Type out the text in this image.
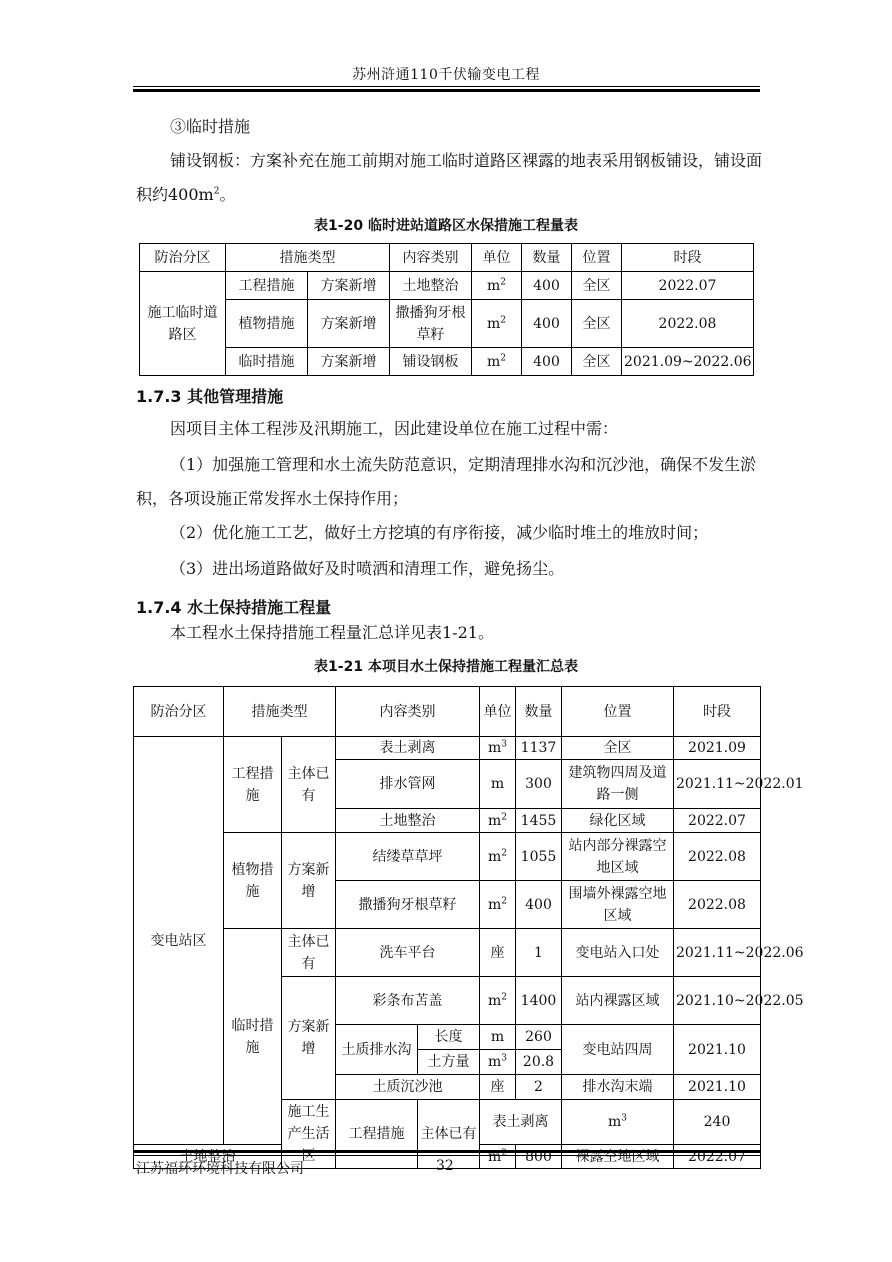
苏州浒通110千伏输变电工程
③临时措施
铺设钢板：方案补充在施工前期对施工临时道路区裸露的地表采用钢板铺设，铺设面积约$400m^2$。
表1-20 临时进站道路区水保措施工程量表
防治分区	措施类型		内容类别	单位	数量	位置	时段
施工临时道路区	工程措施	方案新增	土地整治	$m^2$	400	全区	2022.07
	植物措施	方案新增	撒播狗牙根草籽	$m^2$	400	全区	2022.08
	临时措施	方案新增	铺设钢板	$m^2$	400	全区	2021.09~2022.06
1.7.3 其他管理措施
因项目主体工程涉及汛期施工，因此建设单位在施工过程中需：
（1）加强施工管理和水土流失防范意识，定期清理排水沟和沉沙池，确保不发生淤积，各项设施正常发挥水土保持作用；
（2）优化施工工艺，做好土方挖填的有序衔接，减少临时堆土的堆放时间；
（3）进出场道路做好及时喷洒和清理工作，避免扬尘。
1.7.4 水土保持措施工程量
本工程水土保持措施工程量汇总详见表1-21。
表1-21 本项目水土保持措施工程量汇总表
防治分区	措施类型		内容类别		单位	数量	位置	时段	
变电站区	工程措施	主体已有	表土剥离		$m^3$	1137	全区	2021.09	
			排水管网		m	300	建筑物四周及道路一侧	2021.11~2022.01	
			土地整治		$m^2$	1455	绿化区域	2022.07	
	植物措施	方案新增	结缕草草坪		$m^2$	1055	站内部分裸露空地区域	2022.08	
			撒播狗牙根草籽		$m^2$	400	围墙外裸露空地区域	2022.08	
	临时措施	主体已有	洗车平台		座	1	变电站入口处	2021.11~2022.06	
		方案新增	彩条布苫盖		$m^2$	1400	站内裸露区域	2021.10~2022.05	
			土质排水沟	长度	m	260	变电站四周	2021.10	
				土方量	$m^3$	20.8			
			土质沉沙池		座	2	排水沟末端	2021.10	
		施工生产生活区	工程措施	主体已有	表土剥离		$m^3$	240		
土地整治					$m^2$	800	裸露空地区域	2022.07	
江苏福环环境科技有限公司	32
